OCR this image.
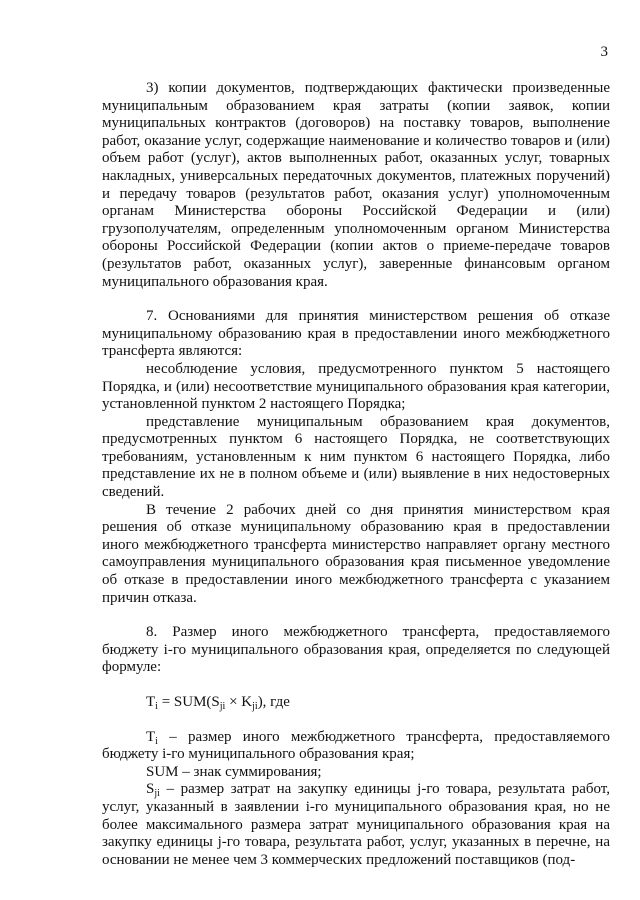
3

3) копии документов, подтверждающих фактически произведенные муниципальным образованием края затраты (копии заявок, копии муниципальных контрактов (договоров) на поставку товаров, выполнение работ, оказание услуг, содержащие наименование и количество товаров и (или) объем работ (услуг), актов выполненных работ, оказанных услуг, товарных накладных, универсальных передаточных документов, платежных поручений) и передачу товаров (результатов работ, оказания услуг) уполномоченным органам Министерства обороны Российской Федерации и (или) грузополучателям, определенным уполномоченным органом Министерства обороны Российской Федерации (копии актов о приеме-передаче товаров (результатов работ, оказанных услуг), заверенные финансовым органом муниципального образования края.

7. Основаниями для принятия министерством решения об отказе муниципальному образованию края в предоставлении иного межбюджетного трансферта являются:

несоблюдение условия, предусмотренного пунктом 5 настоящего Порядка, и (или) несоответствие муниципального образования края категории, установленной пунктом 2 настоящего Порядка;

представление муниципальным образованием края документов, предусмотренных пунктом 6 настоящего Порядка, не соответствующих требованиям, установленным к ним пунктом 6 настоящего Порядка, либо представление их не в полном объеме и (или) выявление в них недостоверных сведений.

В течение 2 рабочих дней со дня принятия министерством края решения об отказе муниципальному образованию края в предоставлении иного межбюджетного трансферта министерство направляет органу местного самоуправления муниципального образования края письменное уведомление об отказе в предоставлении иного межбюджетного трансферта с указанием причин отказа.

8. Размер иного межбюджетного трансферта, предоставляемого бюджету i-го муниципального образования края, определяется по следующей формуле:

$T_i = SUM(S_{ji} \times K_{ji})$, где

$T_i$ – размер иного межбюджетного трансферта, предоставляемого бюджету i-го муниципального образования края;

SUM – знак суммирования;

$S_{ji}$ – размер затрат на закупку единицы j-го товара, результата работ, услуг, указанный в заявлении i-го муниципального образования края, но не более максимального размера затрат муниципального образования края на закупку единицы j-го товара, результата работ, услуг, указанных в перечне, на основании не менее чем 3 коммерческих предложений поставщиков (под-
